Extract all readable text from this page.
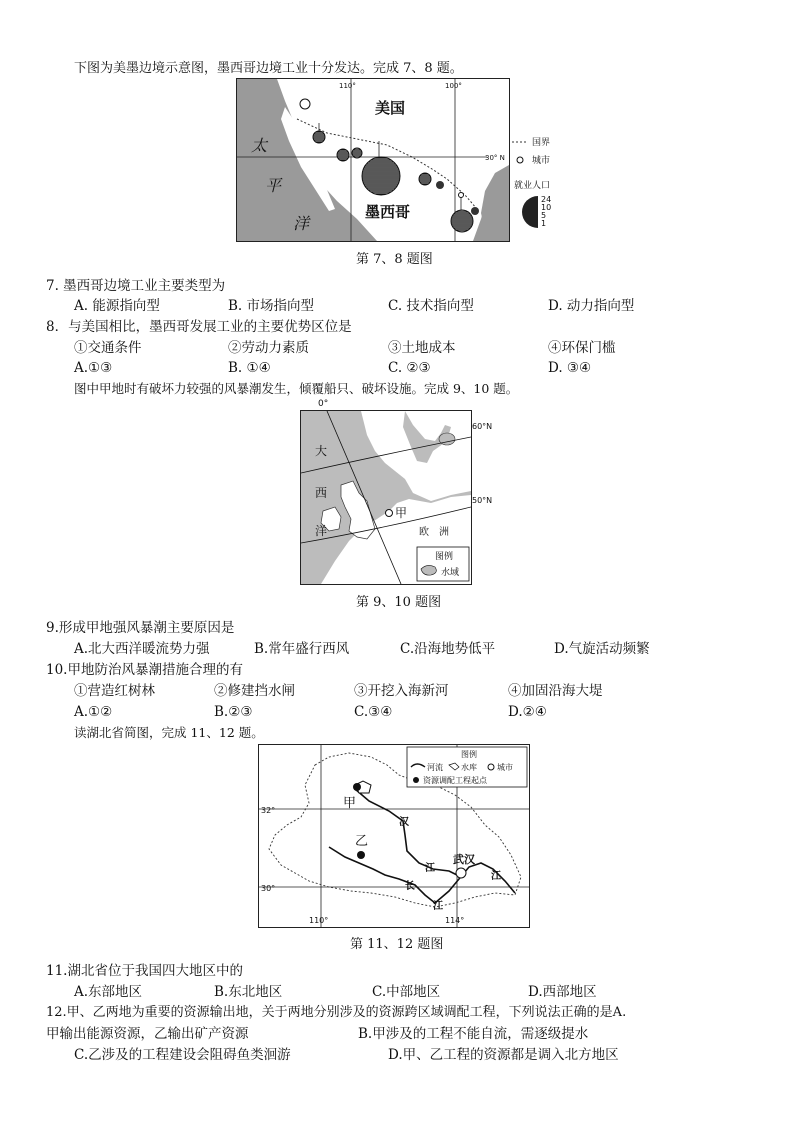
下图为美墨边境示意图，墨西哥边境工业十分发达。完成 7、8 题。
太
平
洋
美国
墨西哥
110°	100°
30° N
国界
城市
就业人口
24
10
5
1
第 7、8 题图
7. 墨西哥边境工业主要类型为
A. 能源指向型	B. 市场指向型	C. 技术指向型	D. 动力指向型
8．与美国相比，墨西哥发展工业的主要优势区位是
①交通条件	②劳动力素质	③土地成本	④环保门槛
A.①③	B. ①④	C. ②③	D. ③④
图中甲地时有破坏力较强的风暴潮发生，倾覆船只、破坏设施。完成 9、10 题。
0°
大
西
洋
甲
欧　洲
图例
水域
60°N
50°N
第 9、10 题图
9.形成甲地强风暴潮主要原因是
A.北大西洋暖流势力强	B.常年盛行西风	C.沿海地势低平	D.气旋活动频繁
10.甲地防治风暴潮措施合理的有
①营造红树林	②修建挡水闸	③开挖入海新河	④加固沿海大堤
A.①②	B.②③	C.③④	D.②④
读湖北省简图，完成 11、12 题。
图例
河流 水库	城市
资源调配工程起点
甲
乙
汉
武汉
江
长
江
江
32°
30°
110°	114°
第 11、12 题图
11.湖北省位于我国四大地区中的
A.东部地区	B.东北地区	C.中部地区	D.西部地区
12.甲、乙两地为重要的资源输出地，关于两地分别涉及的资源跨区域调配工程，下列说法正确的是A.
甲输出能源资源，乙输出矿产资源	B.甲涉及的工程不能自流，需逐级提水
C.乙涉及的工程建设会阻碍鱼类洄游	D.甲、乙工程的资源都是调入北方地区
